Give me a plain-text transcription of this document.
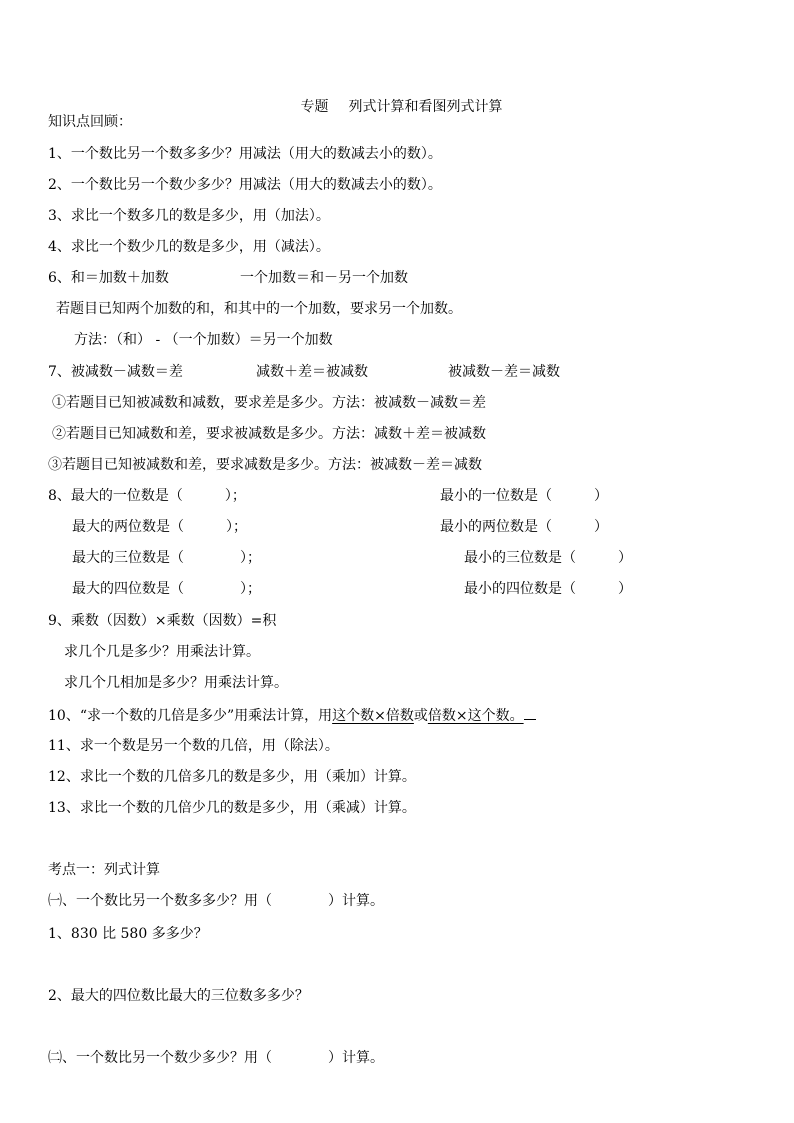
专题 列式计算和看图列式计算

知识点回顾：
1、一个数比另一个数多多少？用减法（用大的数减去小的数）。
2、一个数比另一个数少多少？用减法（用大的数减去小的数）。
3、求比一个数多几的数是多少，用（加法）。
4、求比一个数少几的数是多少，用（减法）。
6、和＝加数＋加数	一个加数＝和－另一个加数
若题目已知两个加数的和，和其中的一个加数，要求另一个加数。
方法：（和） - （一个加数）＝另一个加数
7、被减数－减数＝差	减数＋差＝被减数	被减数－差＝减数
①若题目已知被减数和减数，要求差是多少。方法：被减数－减数＝差
②若题目已知减数和差，要求被减数是多少。方法：减数＋差＝被减数
③若题目已知被减数和差，要求减数是多少。方法：被减数－差＝减数
8、最大的一位数是（　　　）；	最小的一位数是（　　　）
最大的两位数是（　　　）；	最小的两位数是（　　　）
最大的三位数是（　　　　）；	最小的三位数是（　　　）
最大的四位数是（　　　　）；	最小的四位数是（　　　）
9、乘数（因数）×乘数（因数）=积
求几个几是多少？用乘法计算。
求几个几相加是多少？用乘法计算。
10、“求一个数的几倍是多少”用乘法计算，用这个数×倍数或倍数×这个数。
11、求一个数是另一个数的几倍，用（除法）。
12、求比一个数的几倍多几的数是多少，用（乘加）计算。
13、求比一个数的几倍少几的数是多少，用（乘减）计算。
考点一：列式计算
㈠、一个数比另一个数多多少？用（　　　　）计算。
1、830 比 580 多多少？
2、最大的四位数比最大的三位数多多少？
㈡、一个数比另一个数少多少？用（　　　　）计算。
